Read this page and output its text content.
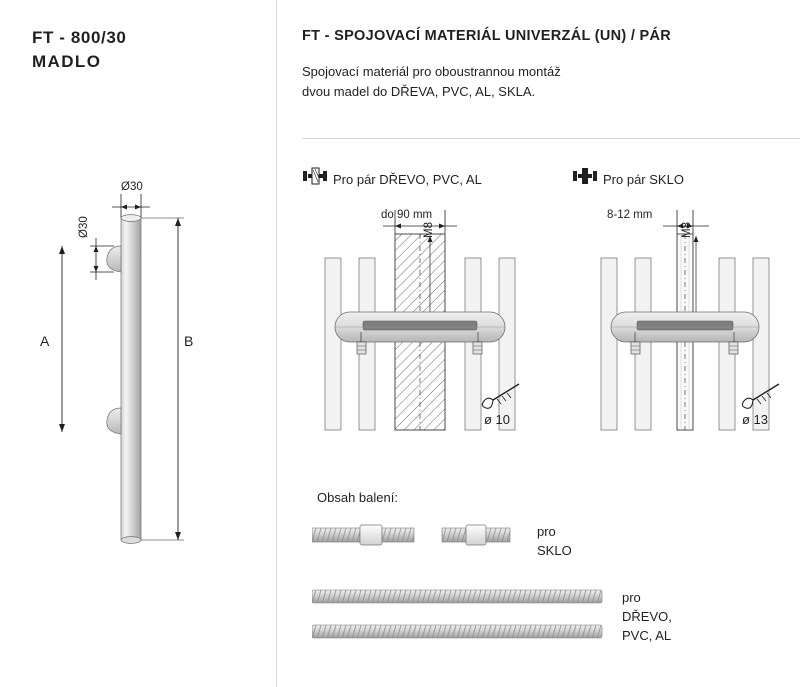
FT - 800/30
MADLO
Ø30
Ø30
A	B
FT - SPOJOVACÍ MATERIÁL UNIVERZÁL (UN) / PÁR
Spojovací materiál pro oboustrannou montáž
dvou madel do DŘEVA, PVC, AL, SKLA.
Pro pár DŘEVO, PVC, AL
do 90 mm
M8
ø 10
Pro pár SKLO
8-12 mm
M8
ø 13
Obsah balení:
pro
SKLO
pro
DŘEVO,
PVC, AL
